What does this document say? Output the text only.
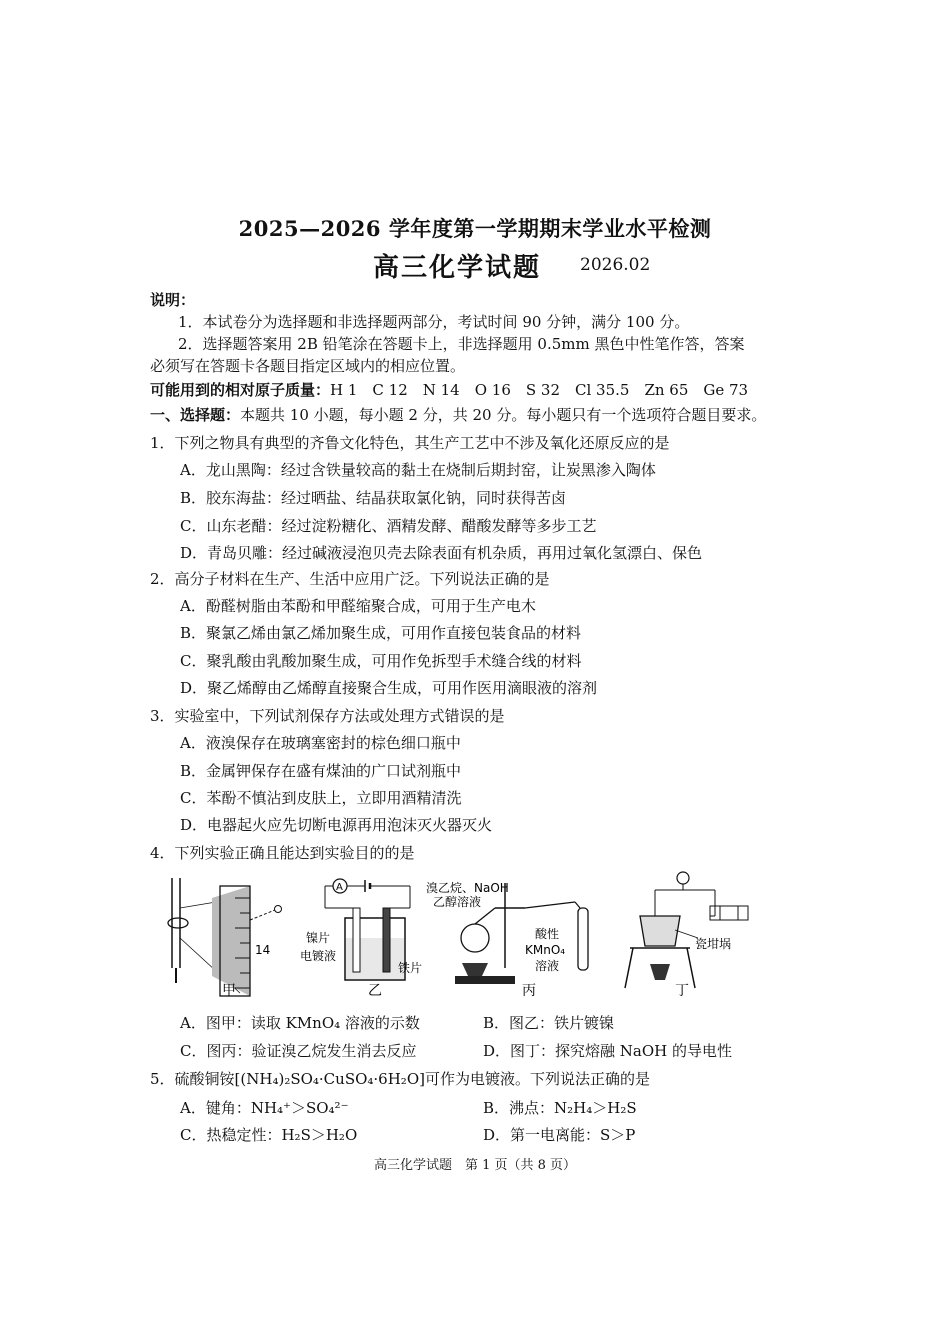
2025—2026 学年度第一学期期末学业水平检测
高三化学试题 2026.02
说明：
1．本试卷分为选择题和非选择题两部分，考试时间 90 分钟，满分 100 分。
2．选择题答案用 2B 铅笔涂在答题卡上，非选择题用 0.5mm 黑色中性笔作答，答案
必须写在答题卡各题目指定区域内的相应位置。
可能用到的相对原子质量：H 1　C 12　N 14　O 16　S 32　Cl 35.5　Zn 65　Ge 73
一、选择题：本题共 10 小题，每小题 2 分，共 20 分。每小题只有一个选项符合题目要求。
1．下列之物具有典型的齐鲁文化特色，其生产工艺中不涉及氧化还原反应的是
A．龙山黑陶：经过含铁量较高的黏土在烧制后期封窑，让炭黑渗入陶体
B．胶东海盐：经过晒盐、结晶获取氯化钠，同时获得苦卤
C．山东老醋：经过淀粉糖化、酒精发酵、醋酸发酵等多步工艺
D．青岛贝雕：经过碱液浸泡贝壳去除表面有机杂质，再用过氧化氢漂白、保色
2．高分子材料在生产、生活中应用广泛。下列说法正确的是
A．酚醛树脂由苯酚和甲醛缩聚合成，可用于生产电木
B．聚氯乙烯由氯乙烯加聚生成，可用作直接包装食品的材料
C．聚乳酸由乳酸加聚生成，可用作免拆型手术缝合线的材料
D．聚乙烯醇由乙烯醇直接聚合生成，可用作医用滴眼液的溶剂
3．实验室中，下列试剂保存方法或处理方式错误的是
A．液溴保存在玻璃塞密封的棕色细口瓶中
B．金属钾保存在盛有煤油的广口试剂瓶中
C．苯酚不慎沾到皮肤上，立即用酒精清洗
D．电器起火应先切断电源再用泡沫灭火器灭火
4．下列实验正确且能达到实验目的的是
14
甲
A
镍片
电镀液
铁片
乙
溴乙烷、NaOH
乙醇溶液
酸性
KMnO₄
溶液
丙
瓷坩埚
丁
A．图甲：读取 KMnO₄ 溶液的示数	B．图乙：铁片镀镍
C．图丙：验证溴乙烷发生消去反应	D．图丁：探究熔融 NaOH 的导电性
5．硫酸铜铵[(NH₄)₂SO₄·CuSO₄·6H₂O]可作为电镀液。下列说法正确的是
A．键角：NH₄⁺＞SO₄²⁻	B．沸点：N₂H₄＞H₂S
C．热稳定性：H₂S＞H₂O	D．第一电离能：S＞P
高三化学试题　第 1 页（共 8 页）
